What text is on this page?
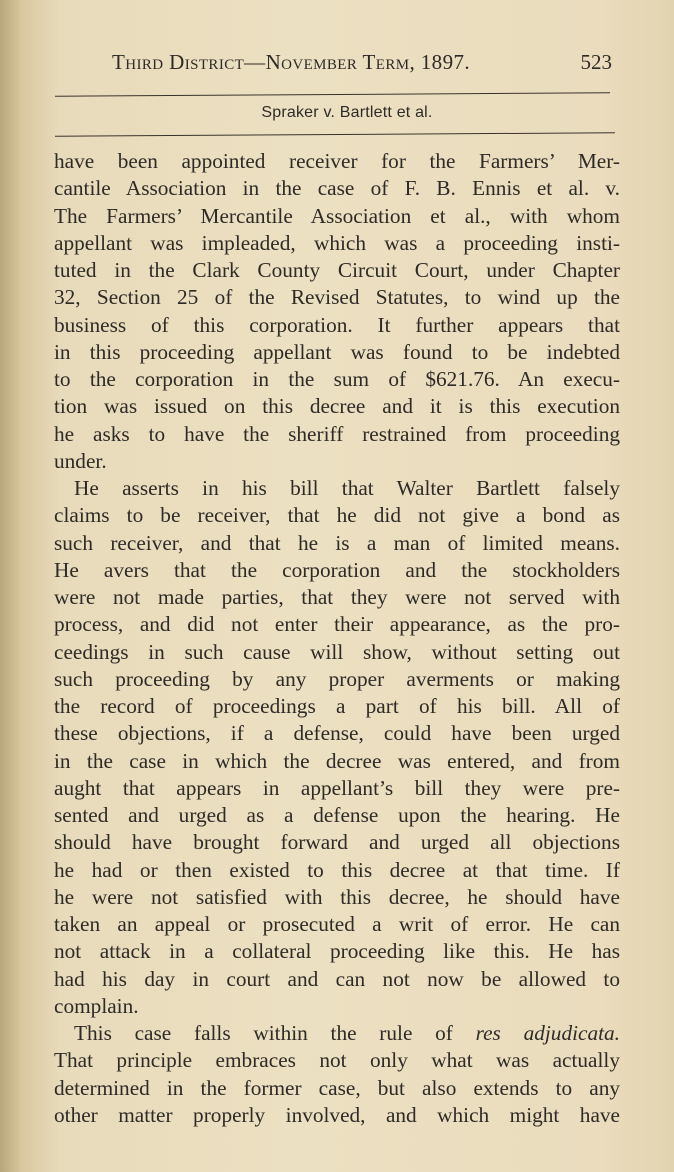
Third District—November Term, 1897.	523
Spraker v. Bartlett et al.
have been appointed receiver for the Farmers’ Mer-
cantile Association in the case of F. B. Ennis et al. v.
The Farmers’ Mercantile Association et al., with whom
appellant was impleaded, which was a proceeding insti-
tuted in the Clark County Circuit Court, under Chapter
32, Section 25 of the Revised Statutes, to wind up the
business of this corporation. It further appears that
in this proceeding appellant was found to be indebted
to the corporation in the sum of $621.76. An execu-
tion was issued on this decree and it is this execution
he asks to have the sheriff restrained from proceeding
under.
He asserts in his bill that Walter Bartlett falsely
claims to be receiver, that he did not give a bond as
such receiver, and that he is a man of limited means.
He avers that the corporation and the stockholders
were not made parties, that they were not served with
process, and did not enter their appearance, as the pro-
ceedings in such cause will show, without setting out
such proceeding by any proper averments or making
the record of proceedings a part of his bill. All of
these objections, if a defense, could have been urged
in the case in which the decree was entered, and from
aught that appears in appellant’s bill they were pre-
sented and urged as a defense upon the hearing. He
should have brought forward and urged all objections
he had or then existed to this decree at that time. If
he were not satisfied with this decree, he should have
taken an appeal or prosecuted a writ of error. He can
not attack in a collateral proceeding like this. He has
had his day in court and can not now be allowed to
complain.
This case falls within the rule of res adjudicata.
That principle embraces not only what was actually
determined in the former case, but also extends to any
other matter properly involved, and which might have
